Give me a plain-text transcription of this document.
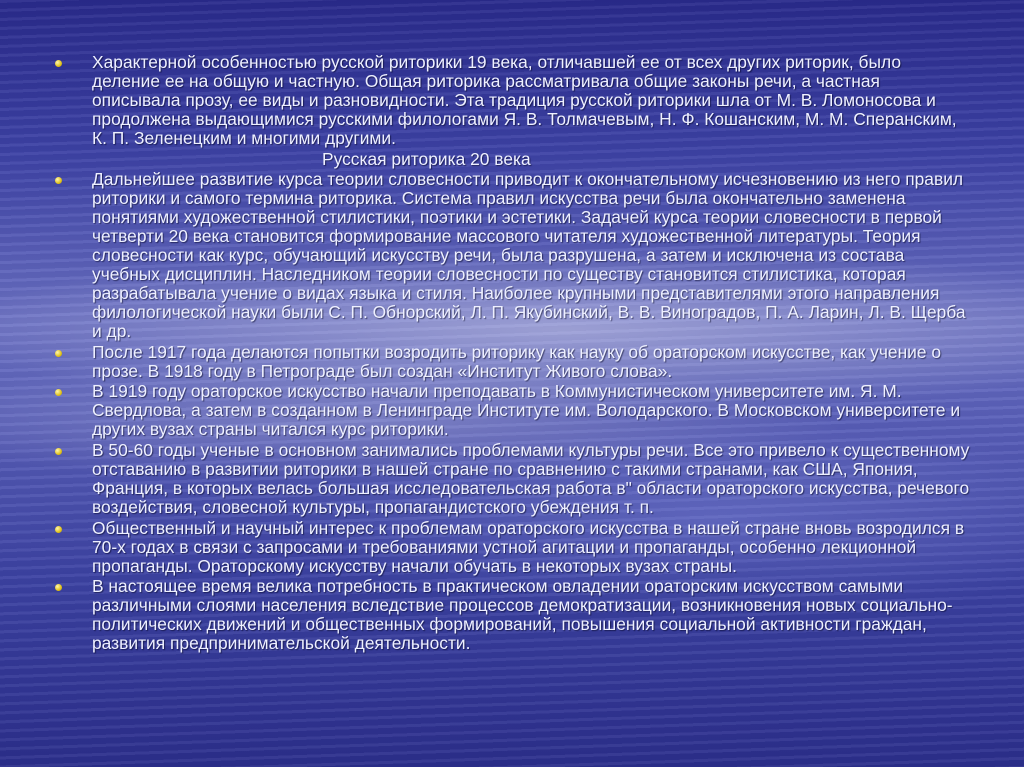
Характерной особенностью русской риторики 19 века, отличавшей ее от всех других риторик, было деление ее на общую и частную. Общая риторика рассматривала общие законы речи, а частная описывала прозу, ее виды и разновидности. Эта традиция русской риторики шла от М. В. Ломоносова и продолжена выдающимися русскими филологами Я. В. Толмачевым, Н. Ф. Кошанским, М. М. Сперанским, К. П. Зеленецким и многими другими.
Русская риторика 20 века
Дальнейшее развитие курса теории словесности приводит к окончательному исчезновению из него правил риторики и самого термина риторика. Система правил искусства речи была окончательно заменена понятиями художественной стилистики, поэтики и эстетики. Задачей курса теории словесности в первой четверти 20 века становится формирование массового читателя художественной литературы. Теория словесности как курс, обучающий искусству речи, была разрушена, а затем и исключена из состава учебных дисциплин. Наследником теории словесности по существу становится стилистика, которая разрабатывала учение о видах языка и стиля. Наиболее крупными представителями этого направления филологической науки были С. П. Обнорский, Л. П. Якубинский, В. В. Виноградов, П. А. Ларин, Л. В. Щерба и др.
После 1917 года делаются попытки возродить риторику как науку об ораторском искусстве, как учение о прозе. В 1918 году в Петрограде был создан «Институт Живого слова».
В 1919 году ораторское искусство начали преподавать в Коммунистическом университете им. Я. М. Свердлова, а затем в созданном в Ленинграде Институте им. Володарского. В Московском университете и других вузах страны читался курс риторики.
В 50-60 годы ученые в основном занимались проблемами культуры речи. Все это привело к существенному отставанию в развитии риторики в нашей стране по сравнению с такими странами, как США, Япония, Франция, в которых велась большая исследовательская работа в" области ораторского искусства, речевого воздействия, словесной культуры, пропагандистского убеждения т. п.
Общественный и научный интерес к проблемам ораторского искусства в нашей стране вновь возродился в 70-х годах в связи с запросами и требованиями устной агитации и пропаганды, особенно лекционной пропаганды. Ораторскому искусству начали обучать в некоторых вузах страны.
В настоящее время велика потребность в практическом овладении ораторским искусством самыми различными слоями населения вследствие процессов демократизации, возникновения новых социально-политических движений и общественных формирований, повышения социальной активности граждан, развития предпринимательской деятельности.
